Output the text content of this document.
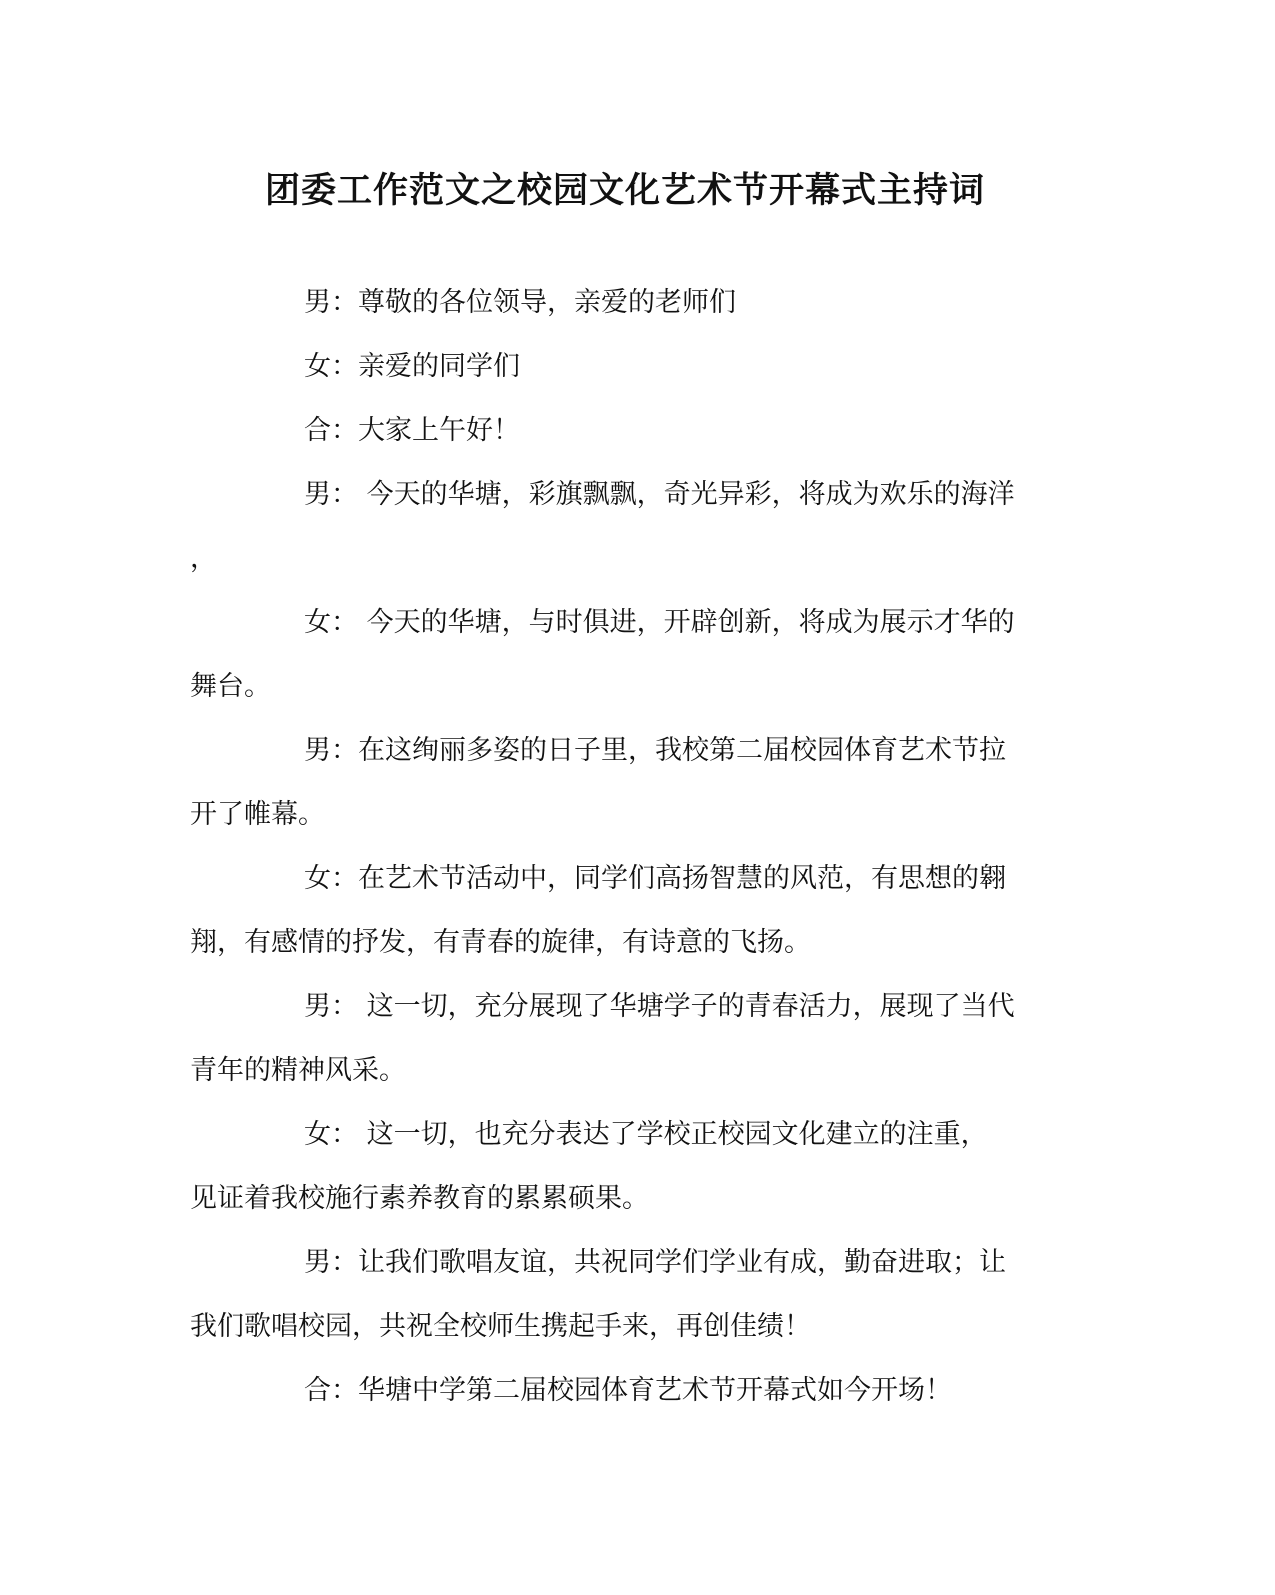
团委工作范文之校园文化艺术节开幕式主持词
男：尊敬的各位领导，亲爱的老师们
女：亲爱的同学们
合：大家上午好！
男： 今天的华塘，彩旗飘飘，奇光异彩，将成为欢乐的海洋
，
女： 今天的华塘，与时俱进，开辟创新，将成为展示才华的
舞台。
男：在这绚丽多姿的日子里，我校第二届校园体育艺术节拉
开了帷幕。
女：在艺术节活动中，同学们高扬智慧的风范，有思想的翱
翔，有感情的抒发，有青春的旋律，有诗意的飞扬。
男： 这一切，充分展现了华塘学子的青春活力，展现了当代
青年的精神风采。
女： 这一切，也充分表达了学校正校园文化建立的注重，
见证着我校施行素养教育的累累硕果。
男：让我们歌唱友谊，共祝同学们学业有成，勤奋进取；让
我们歌唱校园，共祝全校师生携起手来，再创佳绩！
合：华塘中学第二届校园体育艺术节开幕式如今开场！
